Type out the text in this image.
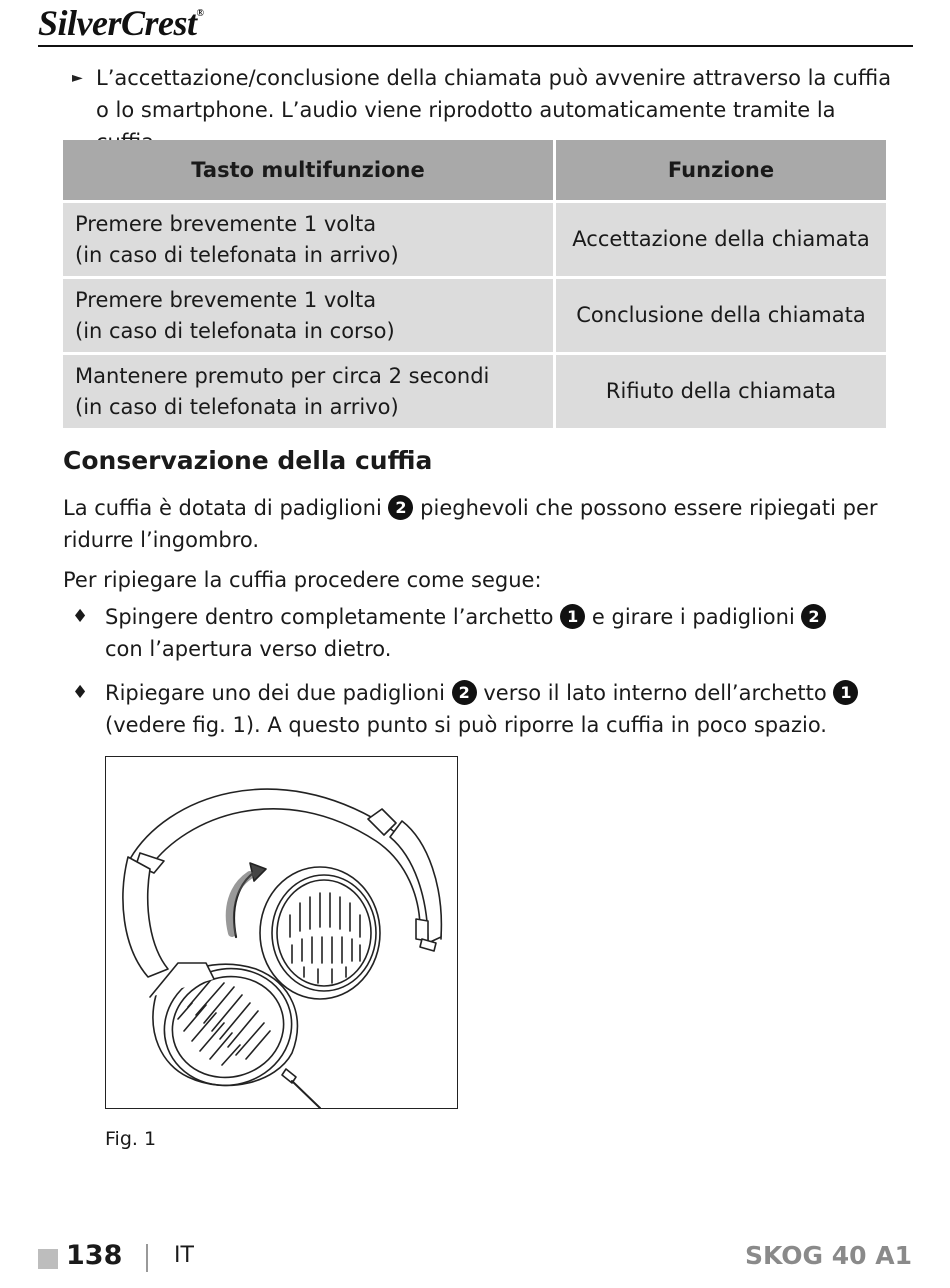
SilverCrest®
► L’accettazione/conclusione della chiamata può avvenire attraverso la cuffia o lo smartphone. L’audio viene riprodotto automaticamente tramite la
Tasto multifunzione	Funzione
Premere brevemente 1 volta
(in caso di telefonata in arrivo)	Accettazione della chiamata
Premere brevemente 1 volta
(in caso di telefonata in corso)	Conclusione della chiamata
Mantenere premuto per circa 2 secondi
(in caso di telefonata in arrivo)	Rifiuto della chiamata
Conservazione della cuffia

La cuffia è dotata di padiglioni 2 pieghevoli che possono essere ripiegati per ridurre l’ingombro.

Per ripiegare la cuffia procedere come segue:

♦ Spingere dentro completamente l’archetto 1 e girare i padiglioni 2 con l’apertura verso dietro.
♦ Ripiegare uno dei due padiglioni 2 verso il lato interno dell’archetto 1 (vedere fig. 1). A questo punto si può riporre la cuffia in poco spazio.
Fig. 1
138 IT	SKOG 40 A1
